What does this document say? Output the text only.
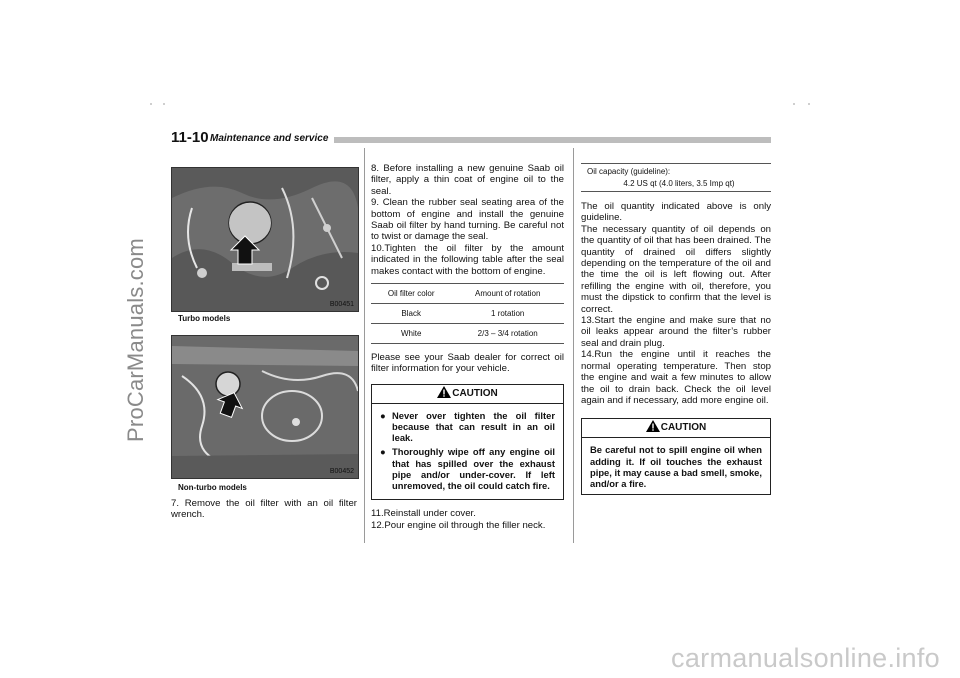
ProCarManuals.com
carmanualsonline.info
11-10 Maintenance and service
B00451
Turbo models
B00452
Non-turbo models
7. Remove the oil filter with an oil filter wrench.
8. Before installing a new genuine Saab oil filter, apply a thin coat of engine oil to the seal.
9. Clean the rubber seal seating area of the bottom of engine and install the genuine Saab oil filter by hand turning. Be careful not to twist or damage the seal.
10.Tighten the oil filter by the amount indicated in the following table after the seal makes contact with the bottom of engine.
Oil filter color	Amount of rotation
Black	1 rotation
White	2/3 – 3/4 rotation
Please see your Saab dealer for correct oil filter information for your vehicle.
CAUTION
● Never over tighten the oil filter because that can result in an oil leak.
● Thoroughly wipe off any engine oil that has spilled over the exhaust pipe and/or under-cover. If left unremoved, the oil could catch fire.
11.Reinstall under cover.
12.Pour engine oil through the filler neck.
Oil capacity (guideline):
4.2 US qt (4.0 liters, 3.5 Imp qt)
The oil quantity indicated above is only guideline.
The necessary quantity of oil depends on the quantity of oil that has been drained. The quantity of drained oil differs slightly depending on the temperature of the oil and the time the oil is left flowing out. After refilling the engine with oil, therefore, you must the dipstick to confirm that the level is correct.
13.Start the engine and make sure that no oil leaks appear around the filter’s rubber seal and drain plug.
14.Run the engine until it reaches the normal operating temperature. Then stop the engine and wait a few minutes to allow the oil to drain back. Check the oil level again and if necessary, add more engine oil.
CAUTION
Be careful not to spill engine oil when adding it. If oil touches the exhaust pipe, it may cause a bad smell, smoke, and/or a fire.
